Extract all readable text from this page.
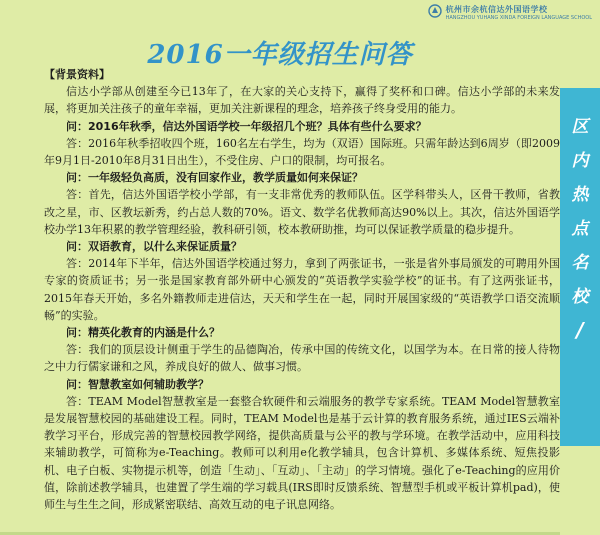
杭州市余杭信达外国语学校
HANGZHOU YUHANG XINDA FOREIGN LANGUAGE SCHOOL
2016一年级招生问答
区
内
热
点
名
校
/
【背景资料】

信达小学部从创建至今已13年了，在大家的关心支持下，赢得了奖杯和口碑。信达小学部的未来发展，将更加关注孩子的童年幸福，更加关注新课程的理念，培养孩子终身受用的能力。

问：2016年秋季，信达外国语学校一年级招几个班？具体有些什么要求？

答：2016年秋季招收四个班，160名左右学生，均为（双语）国际班。只需年龄达到6周岁（即2009年9月1日-2010年8月31日出生），不受住房、户口的限制，均可报名。

问：一年级轻负高质，没有回家作业，教学质量如何来保证？

答：首先，信达外国语学校小学部，有一支非常优秀的教师队伍。区学科带头人，区骨干教师，省教改之星，市、区教坛新秀，约占总人数的70%。语文、数学名优教师高达90%以上。其次，信达外国语学校办学13年积累的教学管理经验，教科研引领，校本教研助推，均可以保证教学质量的稳步提升。

问：双语教育，以什么来保证质量？

答：2014年下半年，信达外国语学校通过努力，拿到了两张证书，一张是省外事局颁发的可聘用外国专家的资质证书；另一张是国家教育部外研中心颁发的“英语教学实验学校”的证书。有了这两张证书，2015年春天开始，多名外籍教师走进信达，天天和学生在一起，同时开展国家级的“英语教学口语交流顺畅”的实验。

问：精英化教育的内涵是什么？

答：我们的顶层设计侧重于学生的品德陶冶，传承中国的传统文化，以国学为本。在日常的接人待物之中力行儒家谦和之风，养成良好的做人、做事习惯。

问：智慧教室如何辅助教学？

答：TEAM Model智慧教室是一套整合软硬件和云端服务的教学专家系统。TEAM Model智慧教室是发展智慧校园的基础建设工程。同时，TEAM Model也是基于云计算的教育服务系统，通过IES云端补教学习平台，形成完善的智慧校园教学网络，提供高质量与公平的教与学环境。在教学活动中，应用科技来辅助教学，可简称为e-Teaching。教师可以利用e化教学辅具，包含计算机、多媒体系统、短焦投影机、电子白板、实物提示机等，创造「生动」、「互动」、「主动」的学习情境。强化了e-Teaching的应用价值，除前述教学辅具，也建置了学生端的学习载具(IRS即时反馈系统、智慧型手机或平板计算机pad)，使师生与生生之间，形成紧密联结、高效互动的电子讯息网络。
